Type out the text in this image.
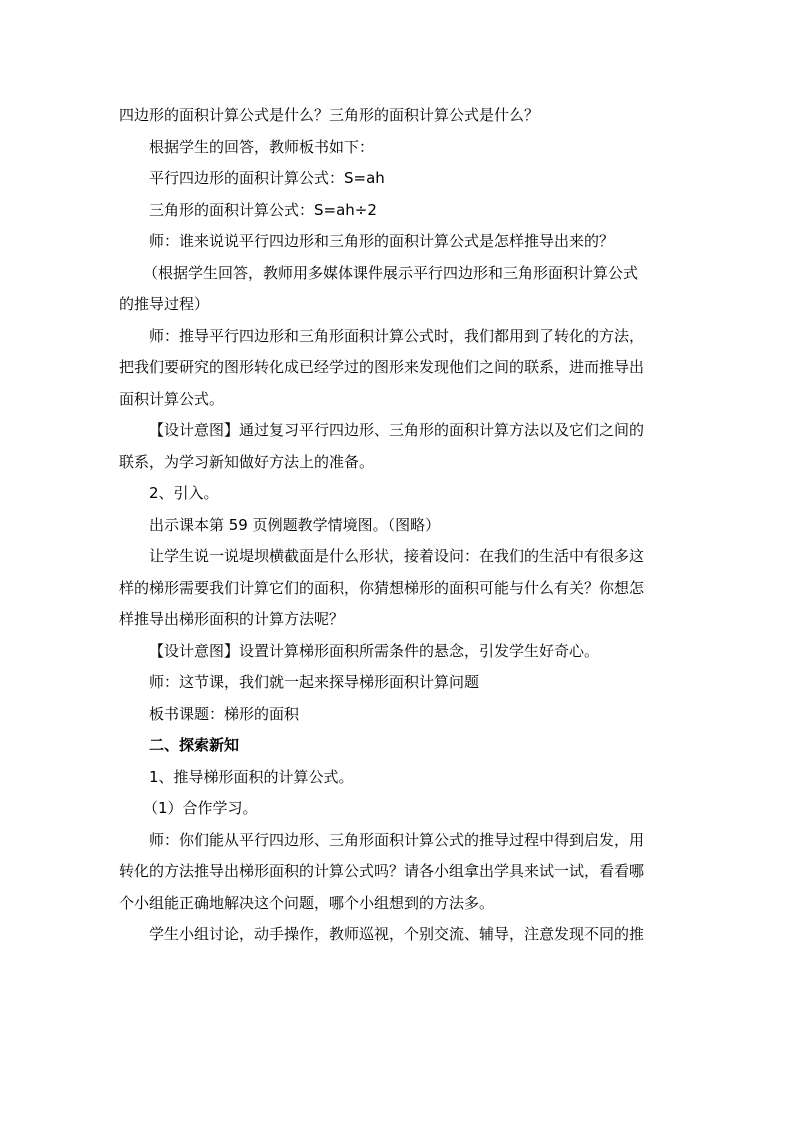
四边形的面积计算公式是什么？三角形的面积计算公式是什么？
根据学生的回答，教师板书如下：
平行四边形的面积计算公式：S=ah
三角形的面积计算公式：S=ah÷2
师：谁来说说平行四边形和三角形的面积计算公式是怎样推导出来的？
（根据学生回答，教师用多媒体课件展示平行四边形和三角形面积计算公式
的推导过程）
师：推导平行四边形和三角形面积计算公式时，我们都用到了转化的方法，
把我们要研究的图形转化成已经学过的图形来发现他们之间的联系，进而推导出
面积计算公式。
【设计意图】通过复习平行四边形、三角形的面积计算方法以及它们之间的
联系，为学习新知做好方法上的准备。
2、引入。
出示课本第 59 页例题教学情境图。（图略）
让学生说一说堤坝横截面是什么形状，接着设问：在我们的生活中有很多这
样的梯形需要我们计算它们的面积，你猜想梯形的面积可能与什么有关？你想怎
样推导出梯形面积的计算方法呢？
【设计意图】设置计算梯形面积所需条件的悬念，引发学生好奇心。
师：这节课，我们就一起来探导梯形面积计算问题
板书课题：梯形的面积
二、探索新知
1、推导梯形面积的计算公式。
（1）合作学习。
师：你们能从平行四边形、三角形面积计算公式的推导过程中得到启发，用
转化的方法推导出梯形面积的计算公式吗？请各小组拿出学具来试一试，看看哪
个小组能正确地解决这个问题，哪个小组想到的方法多。
学生小组讨论，动手操作，教师巡视，个别交流、辅导，注意发现不同的推
